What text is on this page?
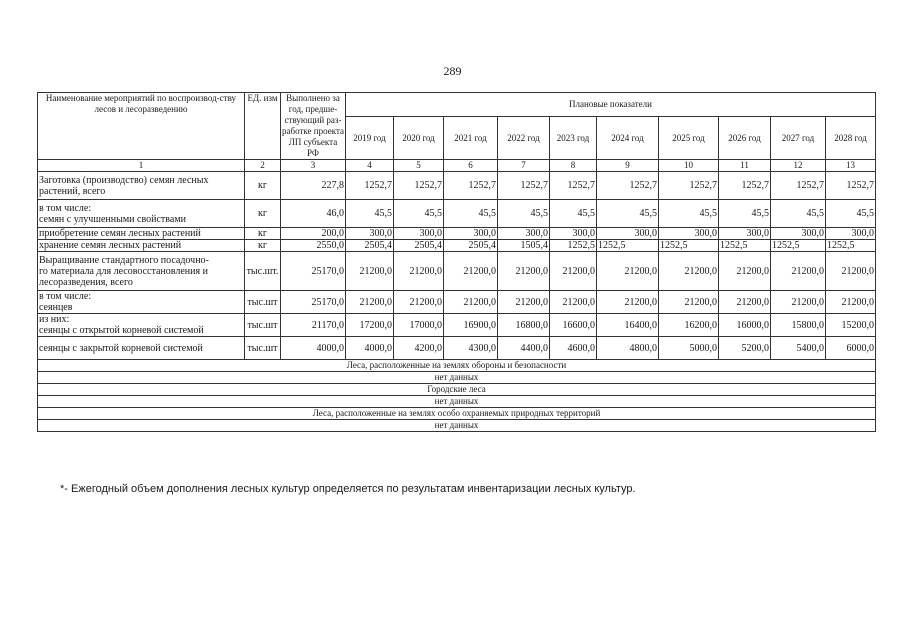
289
Наименование мероприятий по воспроизвод-ству лесов и лесоразведению	ЕД. изм	Выполнено за год, предше-ствующий раз-работке проекта ЛП субъекта РФ	Плановые показатели									
			2019 год	2020 год	2021 год	2022 год	2023 год	2024 год	2025 год	2026 год	2027 год	2028 год
1	2	3	4	5	6	7	8	9	10	11	12	13

Заготовка (производство) семян лесных
растений, всего	кг	227,8	1252,7	1252,7	1252,7	1252,7	1252,7	1252,7	1252,7	1252,7	1252,7	1252,7

в том числе:
семян с улучшенными свойствами	кг	46,0	45,5	45,5	45,5	45,5	45,5	45,5	45,5	45,5	45,5	45,5

приобретение семян лесных растений	кг	200,0	300,0	300,0	300,0	300,0	300,0	300,0	300,0	300,0	300,0	300,0

хранение семян лесных растений	кг	2550,0	2505,4	2505,4	2505,4	1505,4	1252,5	1252,5	1252,5	1252,5	1252,5	1252,5

Выращивание стандартного посадочно-
го материала для лесовосстановления и
лесоразведения, всего	тыс.шт.	25170,0	21200,0	21200,0	21200,0	21200,0	21200,0	21200,0	21200,0	21200,0	21200,0	21200,0

в том числе:
сеянцев	тыс.шт	25170,0	21200,0	21200,0	21200,0	21200,0	21200,0	21200,0	21200,0	21200,0	21200,0	21200,0

из них:
сеянцы с открытой корневой системой	тыс.шт	21170,0	17200,0	17000,0	16900,0	16800,0	16600,0	16400,0	16200,0	16000,0	15800,0	15200,0

сеянцы с закрытой корневой системой	тыс.шт	4000,0	4000,0	4200,0	4300,0	4400,0	4600,0	4800,0	5000,0	5200,0	5400,0	6000,0
Леса, расположенные на землях обороны и безопасности												
нет данных												
Городские леса												
нет данных												
Леса, расположенные на землях особо охраняемых природных территорий												
нет данных												
*- Ежегодный объем дополнения лесных культур определяется по результатам инвентаризации лесных культур.
